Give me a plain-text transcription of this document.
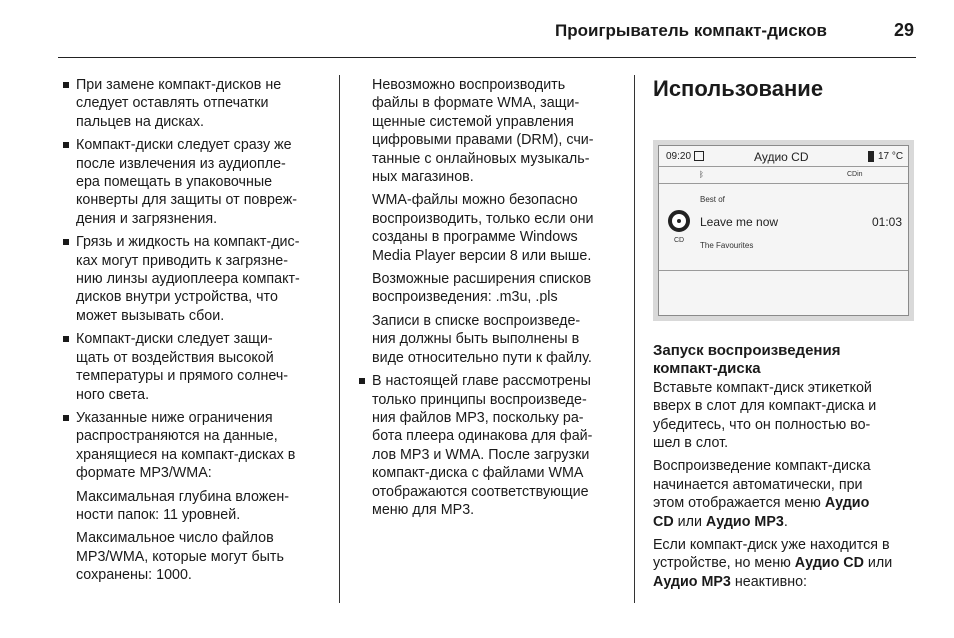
Проигрыватель компакт-дисков	29
При замене компакт-дисков не
следует оставлять отпечатки
пальцев на дисках.
Компакт-диски следует сразу же
после извлечения из аудиопле-
ера помещать в упаковочные
конверты для защиты от повреж-
дения и загрязнения.
Грязь и жидкость на компакт-дис-
ках могут приводить к загрязне-
нию линзы аудиоплеера компакт-
дисков внутри устройства, что
может вызывать сбои.
Компакт-диски следует защи-
щать от воздействия высокой
температуры и прямого солнеч-
ного света.
Указанные ниже ограничения
распространяются на данные,
хранящиеся на компакт-дисках в
формате MP3/WMA:
Максимальная глубина вложен-
ности папок: 11 уровней.
Максимальное число файлов
MP3/WMA, которые могут быть
сохранены: 1000.
Невозможно воспроизводить
файлы в формате WMA, защи-
щенные системой управления
цифровыми правами (DRM), счи-
танные с онлайновых музыкаль-
ных магазинов.
WMA-файлы можно безопасно
воспроизводить, только если они
созданы в программе Windows
Media Player версии 8 или выше.
Возможные расширения списков
воспроизведения: .m3u, .pls
Записи в списке воспроизведе-
ния должны быть выполнены в
виде относительно пути к файлу.
В настоящей главе рассмотрены
только принципы воспроизведе-
ния файлов MP3, поскольку ра-
бота плеера одинакова для фай-
лов MP3 и WMA. После загрузки
компакт-диска с файлами WMA
отображаются соответствующие
меню для MP3.
Использование
09:20	Аудио CD	17 °C
ᛒ	CDin
Best of
Leave me now	01:03
CD
The Favourites
Запуск воспроизведения
компакт-диска
Вставьте компакт-диск этикеткой
вверх в слот для компакт-диска и
убедитесь, что он полностью во-
шел в слот.
Воспроизведение компакт-диска
начинается автоматически, при
этом отображается меню Аудио
CD или Аудио MP3.
Если компакт-диск уже находится в
устройстве, но меню Аудио CD или
Аудио MP3 неактивно:
